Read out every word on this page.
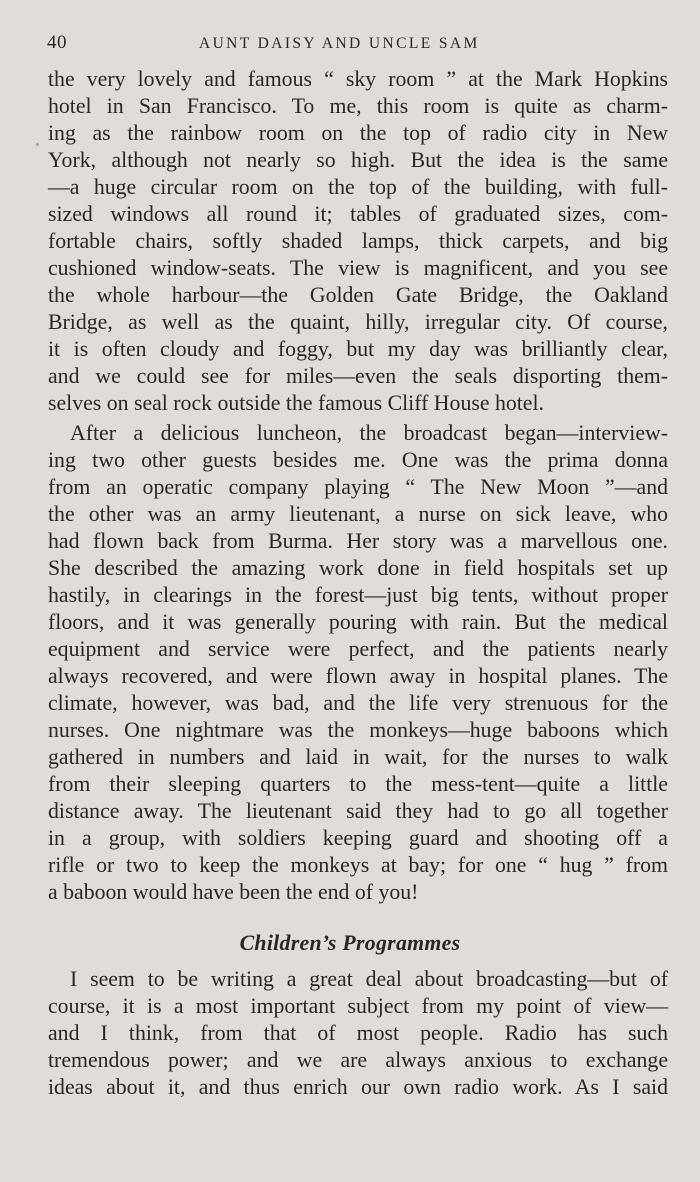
40	AUNT DAISY AND UNCLE SAM
the very lovely and famous “ sky room ” at the Mark Hopkins
hotel in San Francisco. To me, this room is quite as charm-
ing as the rainbow room on the top of radio city in New
York, although not nearly so high. But the idea is the same
—a huge circular room on the top of the building, with full-
sized windows all round it; tables of graduated sizes, com-
fortable chairs, softly shaded lamps, thick carpets, and big
cushioned window-seats. The view is magnificent, and you see
the whole harbour—the Golden Gate Bridge, the Oakland
Bridge, as well as the quaint, hilly, irregular city. Of course,
it is often cloudy and foggy, but my day was brilliantly clear,
and we could see for miles—even the seals disporting them-
selves on seal rock outside the famous Cliff House hotel.
After a delicious luncheon, the broadcast began—interview-
ing two other guests besides me. One was the prima donna
from an operatic company playing “ The New Moon ”—and
the other was an army lieutenant, a nurse on sick leave, who
had flown back from Burma. Her story was a marvellous one.
She described the amazing work done in field hospitals set up
hastily, in clearings in the forest—just big tents, without proper
floors, and it was generally pouring with rain. But the medical
equipment and service were perfect, and the patients nearly
always recovered, and were flown away in hospital planes. The
climate, however, was bad, and the life very strenuous for the
nurses. One nightmare was the monkeys—huge baboons which
gathered in numbers and laid in wait, for the nurses to walk
from their sleeping quarters to the mess-tent—quite a little
distance away. The lieutenant said they had to go all together
in a group, with soldiers keeping guard and shooting off a
rifle or two to keep the monkeys at bay; for one “ hug ” from
a baboon would have been the end of you!
Children’s Programmes
I seem to be writing a great deal about broadcasting—but of
course, it is a most important subject from my point of view—
and I think, from that of most people. Radio has such
tremendous power; and we are always anxious to exchange
ideas about it, and thus enrich our own radio work. As I said
